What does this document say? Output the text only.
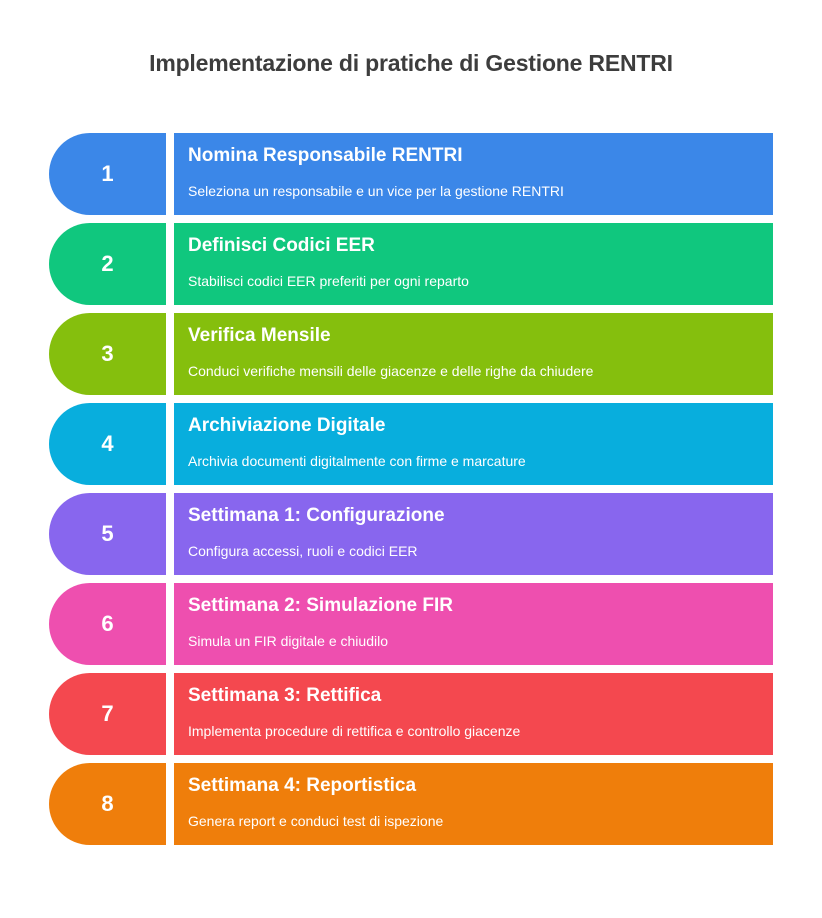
Implementazione di pratiche di Gestione RENTRI
1
Nomina Responsabile RENTRI
Seleziona un responsabile e un vice per la gestione RENTRI
2
Definisci Codici EER
Stabilisci codici EER preferiti per ogni reparto
3
Verifica Mensile
Conduci verifiche mensili delle giacenze e delle righe da chiudere
4
Archiviazione Digitale
Archivia documenti digitalmente con firme e marcature
5
Settimana 1: Configurazione
Configura accessi, ruoli e codici EER
6
Settimana 2: Simulazione FIR
Simula un FIR digitale e chiudilo
7
Settimana 3: Rettifica
Implementa procedure di rettifica e controllo giacenze
8
Settimana 4: Reportistica
Genera report e conduci test di ispezione
